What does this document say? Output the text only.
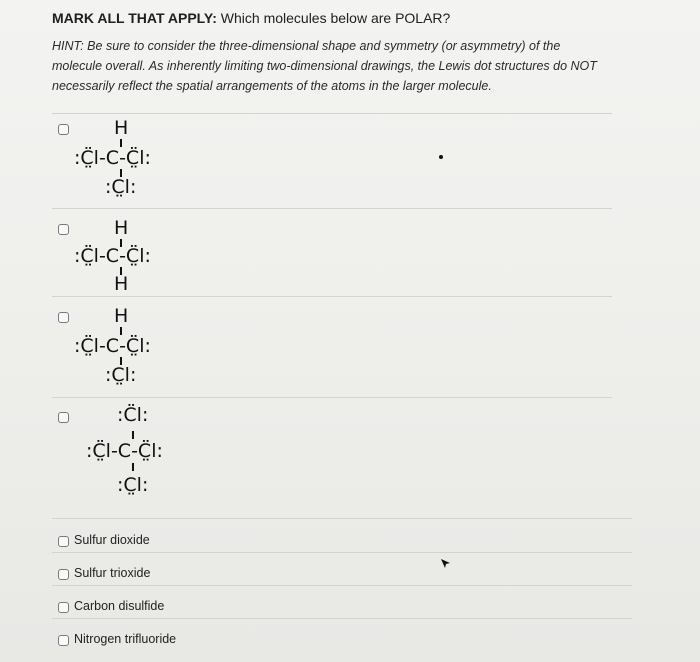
MARK ALL THAT APPLY: Which molecules below are POLAR?
HINT: Be sure to consider the three-dimensional shape and symmetry (or asymmetry) of the molecule overall. As inherently limiting two-dimensional drawings, the Lewis dot structures do NOT necessarily reflect the spatial arrangements of the atoms in the larger molecule.
H
:C̤̈l-C-C̤̈l:
:C̤l:
H
:C̤̈l-C-C̤̈l:
H
H
:C̤̈l-C-C̤̈l:
:C̤l:
:C̈l:
:C̤̈l-C-C̤̈l:
:C̤l:
Sulfur dioxide
Sulfur trioxide
Carbon disulfide
Nitrogen trifluoride
